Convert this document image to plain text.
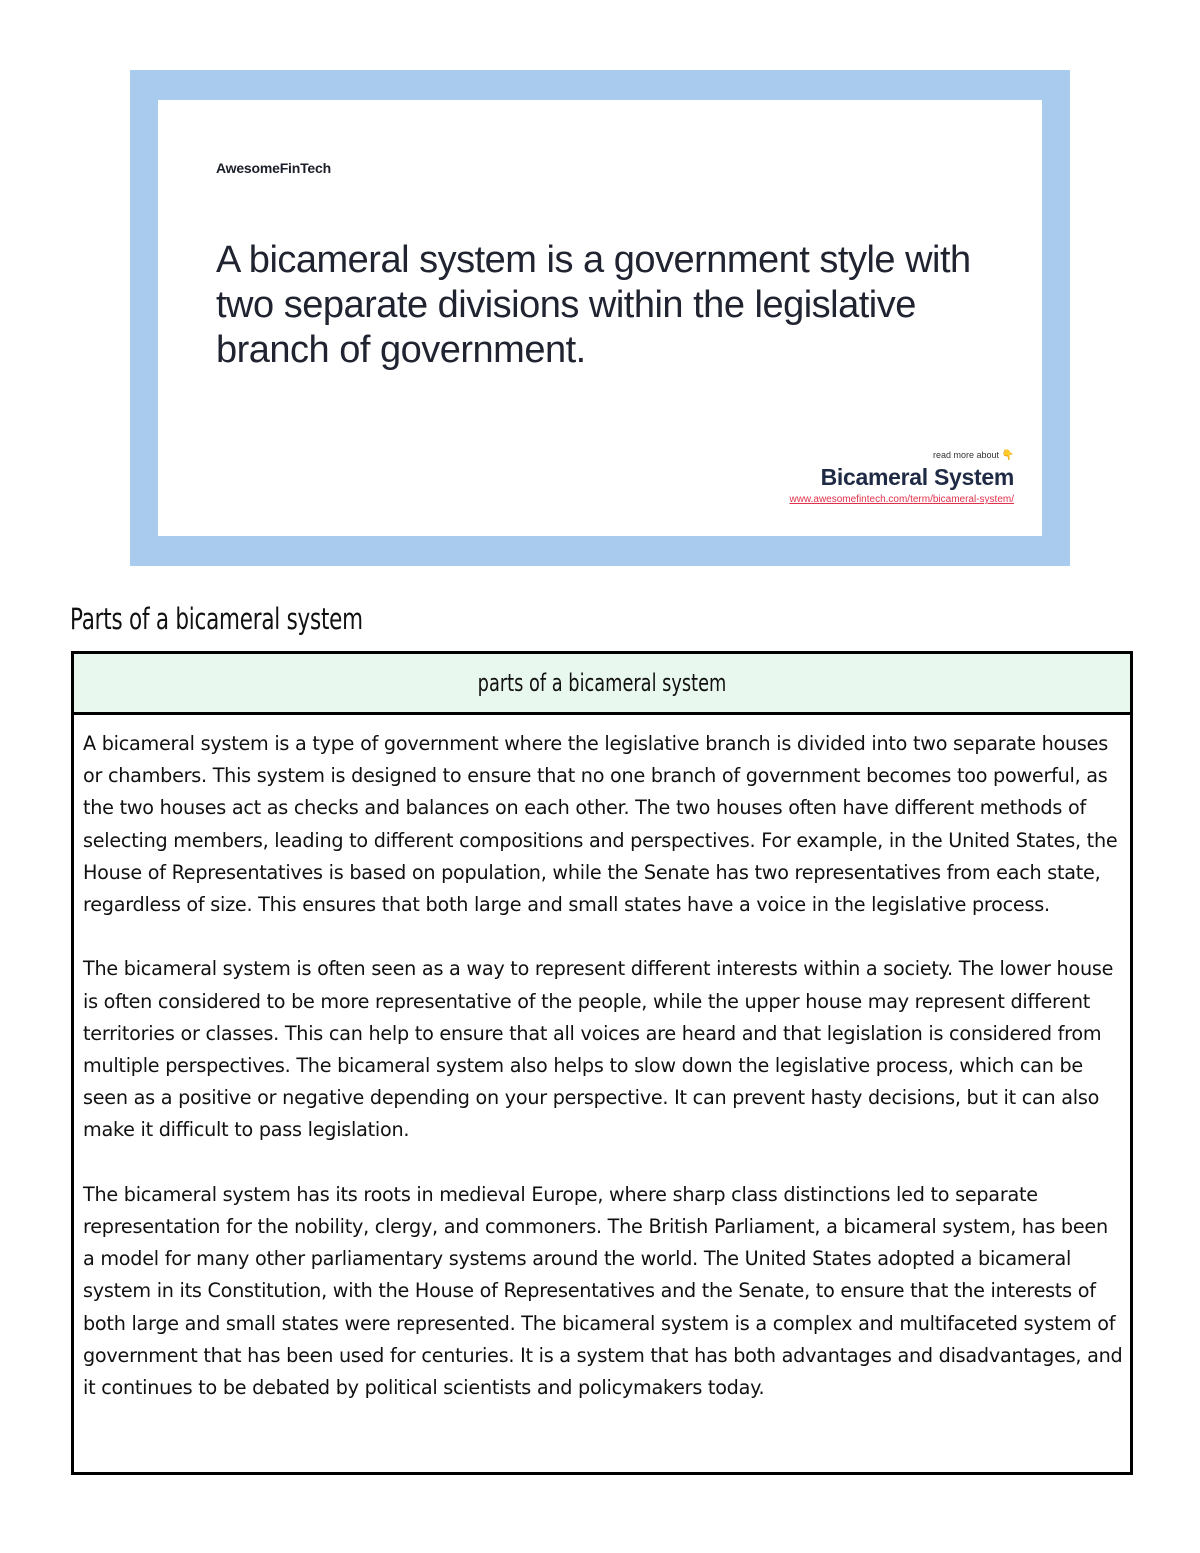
AwesomeFinTech
A bicameral system is a government style with two separate divisions within the legislative branch of government.
read more about 👇
Bicameral System
www.awesomefintech.com/term/bicameral-system/
Parts of a bicameral system
parts of a bicameral system

A bicameral system is a type of government where the legislative branch is divided into two separate houses or chambers. This system is designed to ensure that no one branch of government becomes too powerful, as the two houses act as checks and balances on each other. The two houses often have different methods of selecting members, leading to different compositions and perspectives. For example, in the United States, the House of Representatives is based on population, while the Senate has two representatives from each state, regardless of size. This ensures that both large and small states have a voice in the legislative process.

The bicameral system is often seen as a way to represent different interests within a society. The lower house is often considered to be more representative of the people, while the upper house may represent different territories or classes. This can help to ensure that all voices are heard and that legislation is considered from multiple perspectives. The bicameral system also helps to slow down the legislative process, which can be seen as a positive or negative depending on your perspective. It can prevent hasty decisions, but it can also make it difficult to pass legislation.

The bicameral system has its roots in medieval Europe, where sharp class distinctions led to separate representation for the nobility, clergy, and commoners. The British Parliament, a bicameral system, has been a model for many other parliamentary systems around the world. The United States adopted a bicameral system in its Constitution, with the House of Representatives and the Senate, to ensure that the interests of both large and small states were represented. The bicameral system is a complex and multifaceted system of government that has been used for centuries. It is a system that has both advantages and disadvantages, and it continues to be debated by political scientists and policymakers today.
